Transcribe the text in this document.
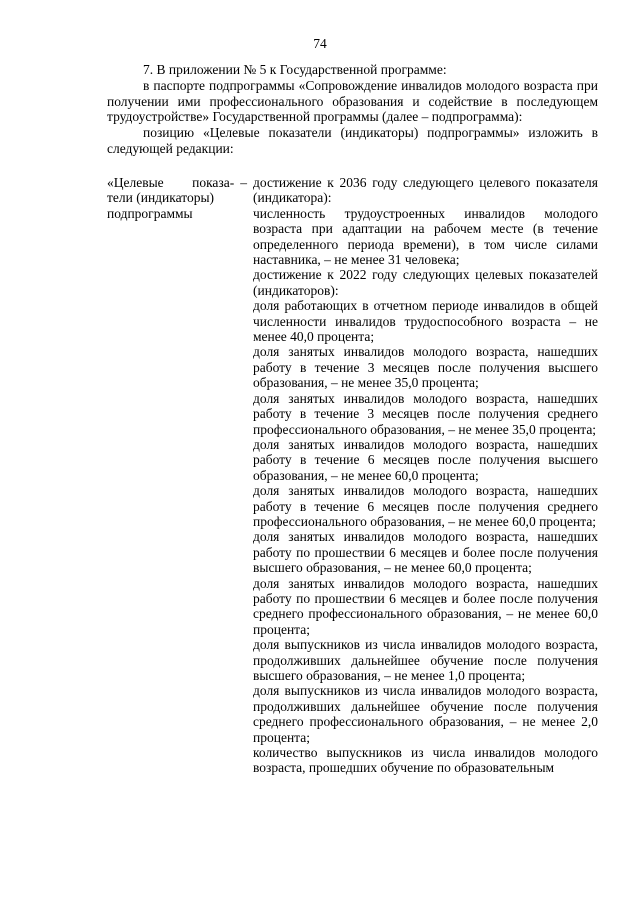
74

7. В приложении № 5 к Государственной программе:

в паспорте подпрограммы «Сопровождение инвалидов молодого возраста при получении ими профессионального образования и содействие в последующем трудоустройстве» Государственной программы (далее – подпрограмма):

позицию «Целевые показатели (индикаторы) подпрограммы» изложить в следующей редакции:

«Целевые показа- –
тели (индикаторы)
подпрограммы

достижение к 2036 году следующего целевого показателя (индикатора):

численность трудоустроенных инвалидов молодого возраста при адаптации на рабочем месте (в течение определенного периода времени), в том числе силами наставника, – не менее 31 человека;

достижение к 2022 году следующих целевых показателей (индикаторов):

доля работающих в отчетном периоде инвалидов в общей численности инвалидов трудоспособного возраста – не менее 40,0 процента;

доля занятых инвалидов молодого возраста, нашедших работу в течение 3 месяцев после получения высшего образования, – не менее 35,0 процента;

доля занятых инвалидов молодого возраста, нашедших работу в течение 3 месяцев после получения среднего профессионального образования, – не менее 35,0 процента;

доля занятых инвалидов молодого возраста, нашедших работу в течение 6 месяцев после получения высшего образования, – не менее 60,0 процента;

доля занятых инвалидов молодого возраста, нашедших работу в течение 6 месяцев после получения среднего профессионального образования, – не менее 60,0 процента;

доля занятых инвалидов молодого возраста, нашедших работу по прошествии 6 месяцев и более после получения высшего образования, – не менее 60,0 процента;

доля занятых инвалидов молодого возраста, нашедших работу по прошествии 6 месяцев и более после получения среднего профессионального образования, – не менее 60,0 процента;

доля выпускников из числа инвалидов молодого возраста, продолживших дальнейшее обучение после получения высшего образования, – не менее 1,0 процента;

доля выпускников из числа инвалидов молодого возраста, продолживших дальнейшее обучение после получения среднего профессионального образования, – не менее 2,0 процента;

количество выпускников из числа инвалидов молодого возраста, прошедших обучение по образовательным
